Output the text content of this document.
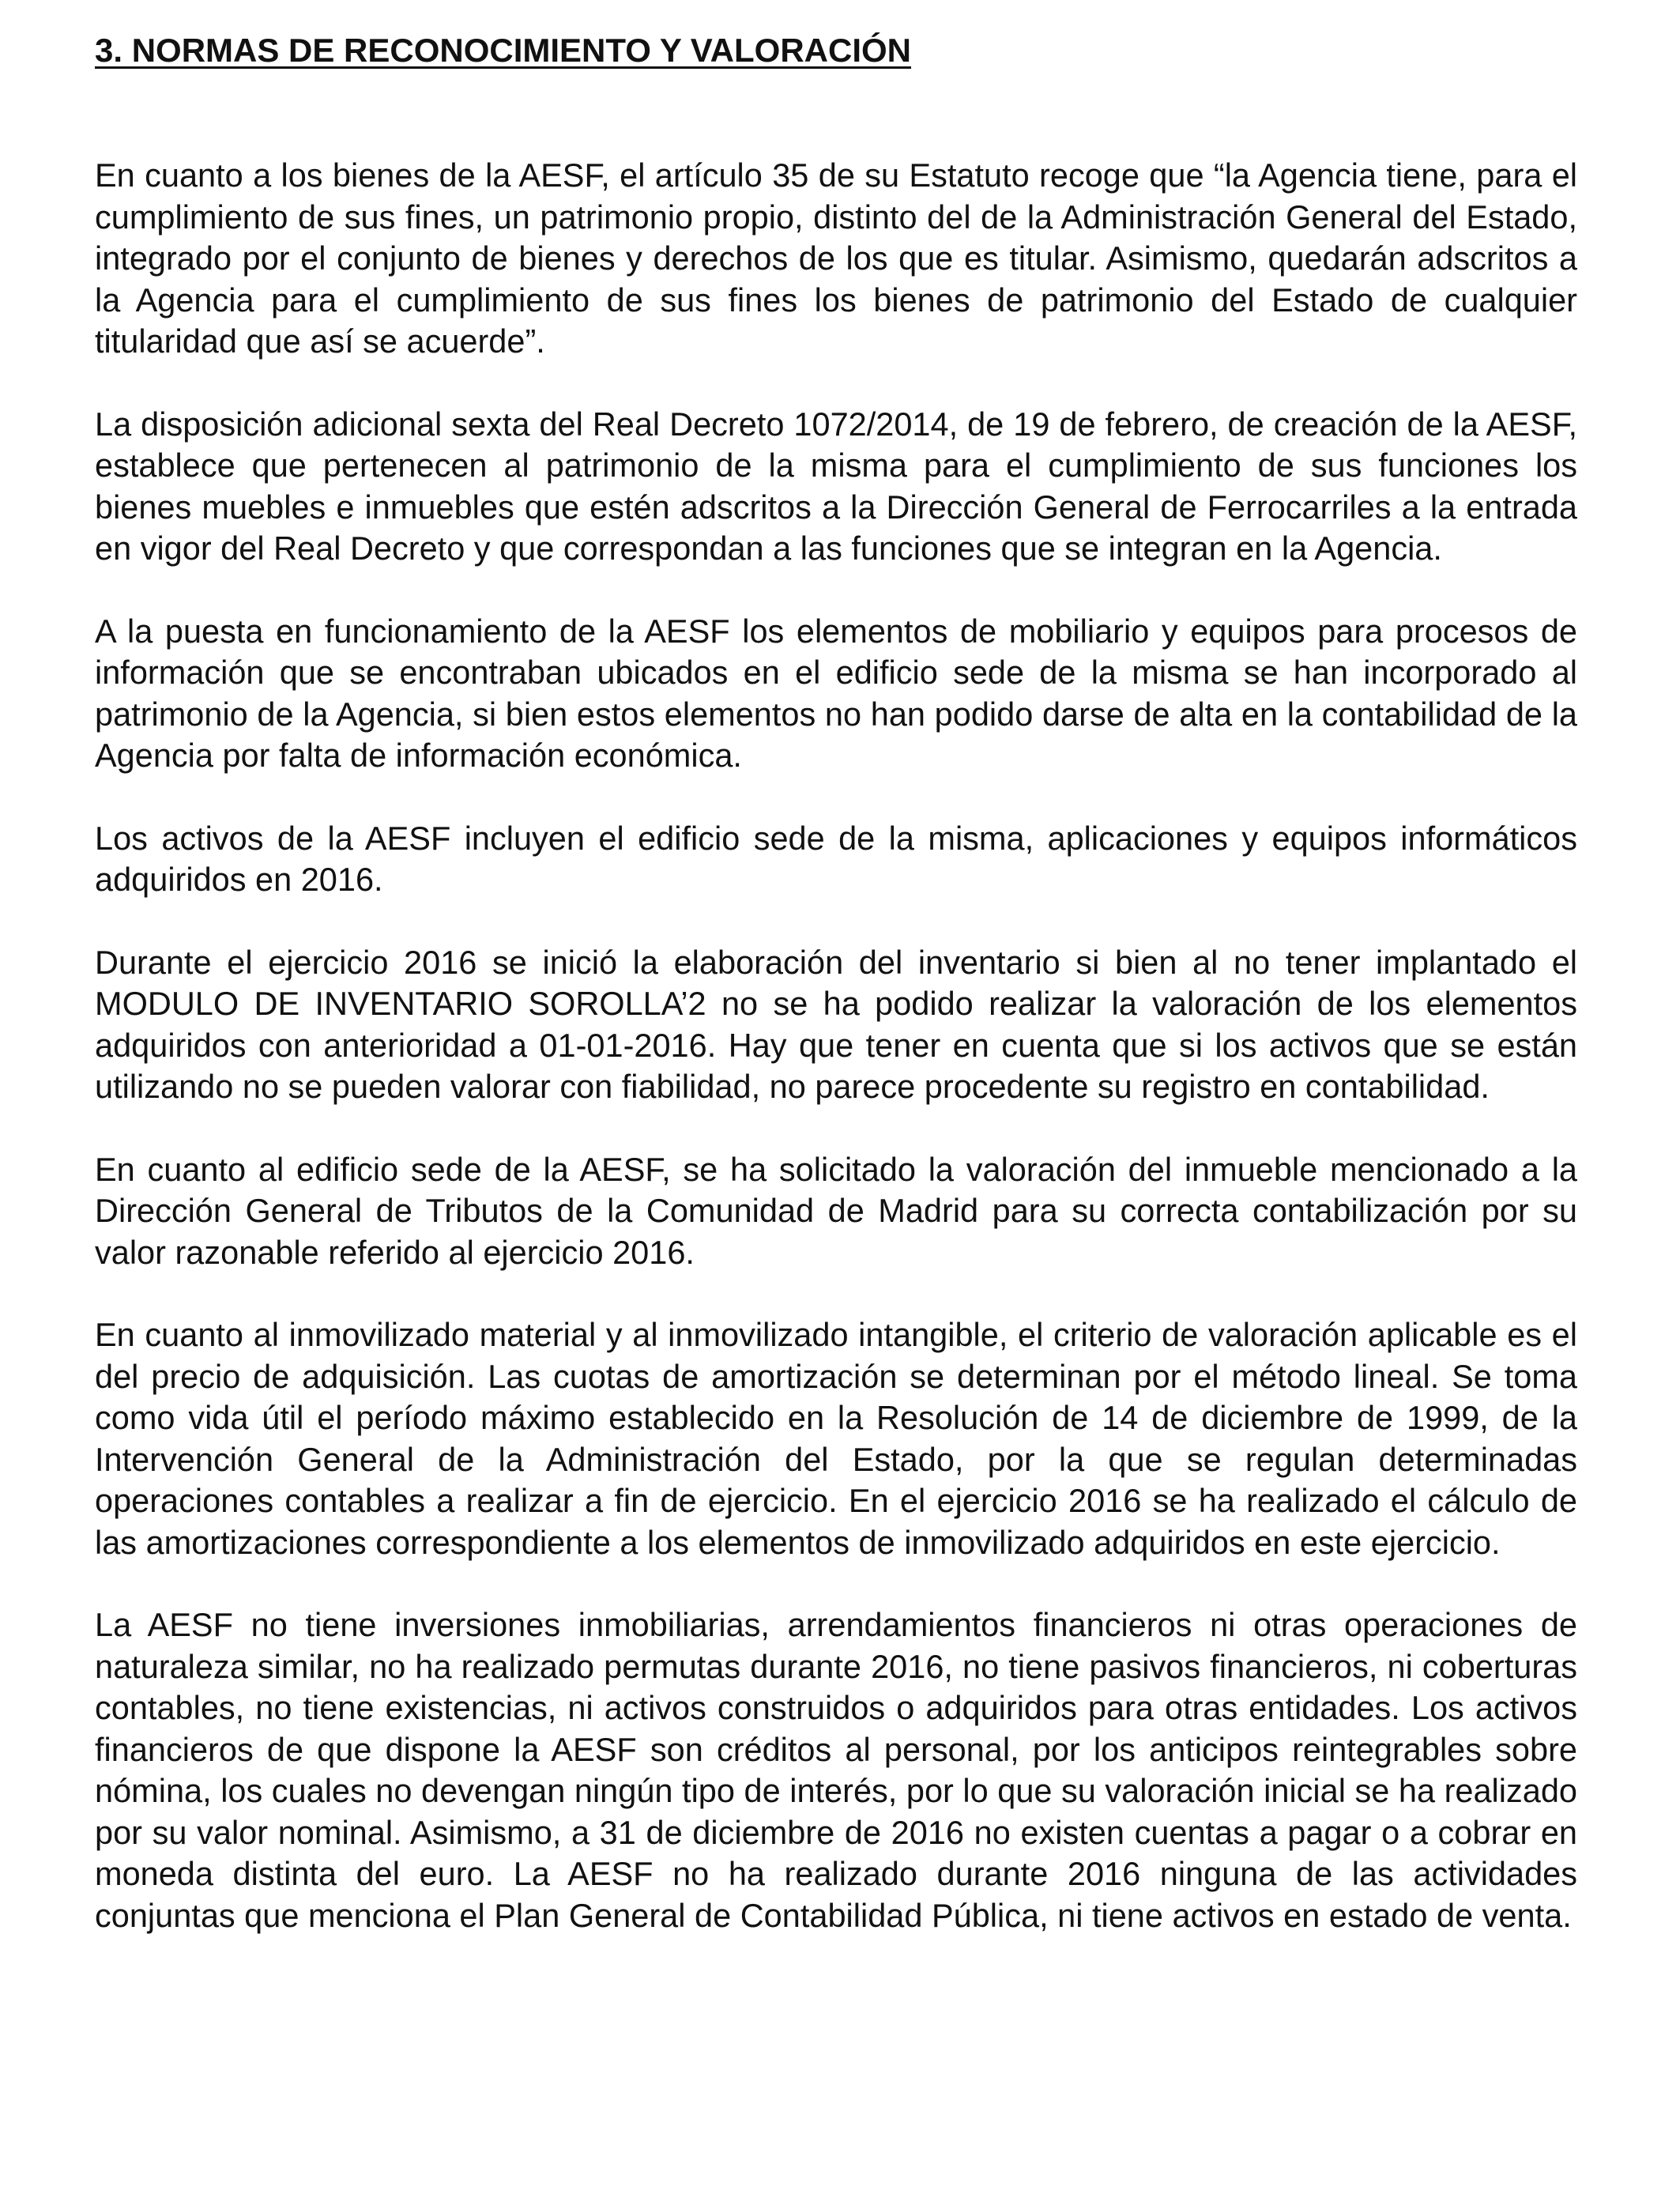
3. NORMAS DE RECONOCIMIENTO Y VALORACIÓN

En cuanto a los bienes de la AESF, el artículo 35 de su Estatuto recoge que “la Agencia tiene, para el cumplimiento de sus fines, un patrimonio propio, distinto del de la Administración General del Estado, integrado por el conjunto de bienes y derechos de los que es titular. Asimismo, quedarán adscritos a la Agencia para el cumplimiento de sus fines los bienes de patrimonio del Estado de cualquier titularidad que así se acuerde”.

La disposición adicional sexta del Real Decreto 1072/2014, de 19 de febrero, de creación de la AESF, establece que pertenecen al patrimonio de la misma para el cumplimiento de sus funciones los bienes muebles e inmuebles que estén adscritos a la Dirección General de Ferrocarriles a la entrada en vigor del Real Decreto y que correspondan a las funciones que se integran en la Agencia.

A la puesta en funcionamiento de la AESF los elementos de mobiliario y equipos para procesos de información que se encontraban ubicados en el edificio sede de la misma se han incorporado al patrimonio de la Agencia, si bien estos elementos no han podido darse de alta en la contabilidad de la Agencia por falta de información económica.

Los activos de la AESF incluyen el edificio sede de la misma, aplicaciones y equipos informáticos adquiridos en 2016.

Durante el ejercicio 2016 se inició la elaboración del inventario si bien al no tener implantado el MODULO DE INVENTARIO SOROLLA’2 no se ha podido realizar la valoración de los elementos adquiridos con anterioridad a 01-01-2016. Hay que tener en cuenta que si los activos que se están utilizando no se pueden valorar con fiabilidad, no parece procedente su registro en contabilidad.

En cuanto al edificio sede de la AESF, se ha solicitado la valoración del inmueble mencionado a la Dirección General de Tributos de la Comunidad de Madrid para su correcta contabilización por su valor razonable referido al ejercicio 2016.

En cuanto al inmovilizado material y al inmovilizado intangible, el criterio de valoración aplicable es el del precio de adquisición. Las cuotas de amortización se determinan por el método lineal. Se toma como vida útil el período máximo establecido en la Resolución de 14 de diciembre de 1999, de la Intervención General de la Administración del Estado, por la que se regulan determinadas operaciones contables a realizar a fin de ejercicio. En el ejercicio 2016 se ha realizado el cálculo de las amortizaciones correspondiente a los elementos de inmovilizado adquiridos en este ejercicio.

La AESF no tiene inversiones inmobiliarias, arrendamientos financieros ni otras operaciones de naturaleza similar, no ha realizado permutas durante 2016, no tiene pasivos financieros, ni coberturas contables, no tiene existencias, ni activos construidos o adquiridos para otras entidades. Los activos financieros de que dispone la AESF son créditos al personal, por los anticipos reintegrables sobre nómina, los cuales no devengan ningún tipo de interés, por lo que su valoración inicial se ha realizado por su valor nominal. Asimismo, a 31 de diciembre de 2016 no existen cuentas a pagar o a cobrar en moneda distinta del euro. La AESF no ha realizado durante 2016 ninguna de las actividades conjuntas que menciona el Plan General de Contabilidad Pública, ni tiene activos en estado de venta.
